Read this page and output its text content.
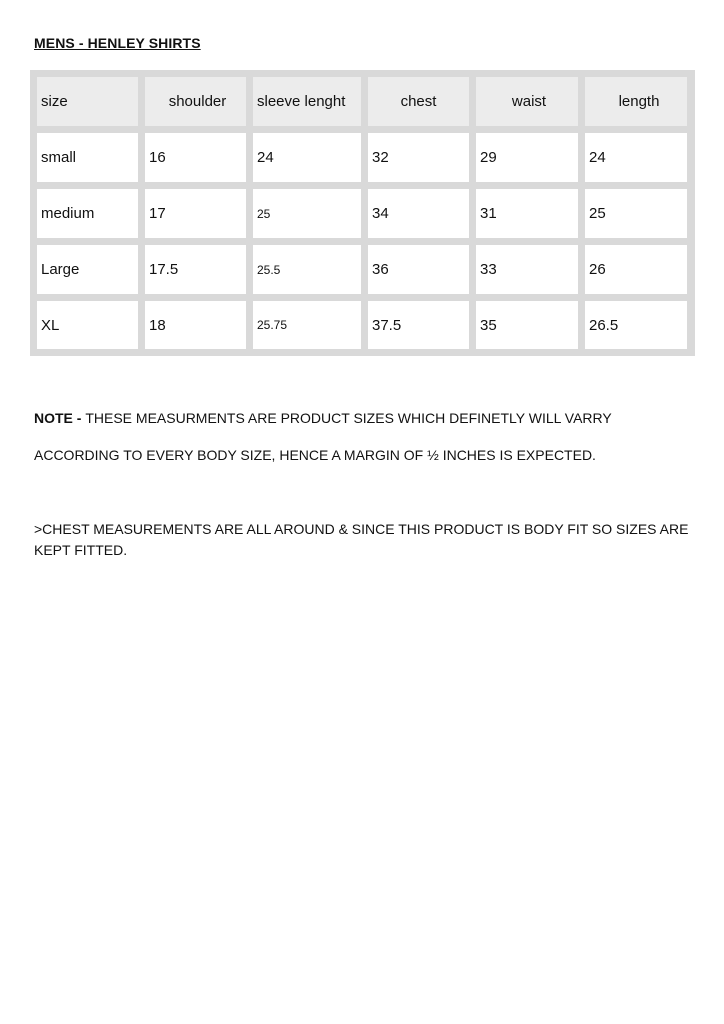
MENS - HENLEY SHIRTS
size	shoulder	sleeve lenght	chest	waist	length
small	16	24	32	29	24
medium	17	25	34	31	25
Large	17.5	25.5	36	33	26
XL	18	25.75	37.5	35	26.5
NOTE - THESE MEASURMENTS ARE PRODUCT SIZES WHICH DEFINETLY WILL VARRY
ACCORDING TO EVERY BODY SIZE, HENCE A MARGIN OF ½ INCHES IS EXPECTED.
>CHEST MEASUREMENTS ARE ALL AROUND & SINCE THIS PRODUCT IS BODY FIT SO SIZES ARE KEPT FITTED.
